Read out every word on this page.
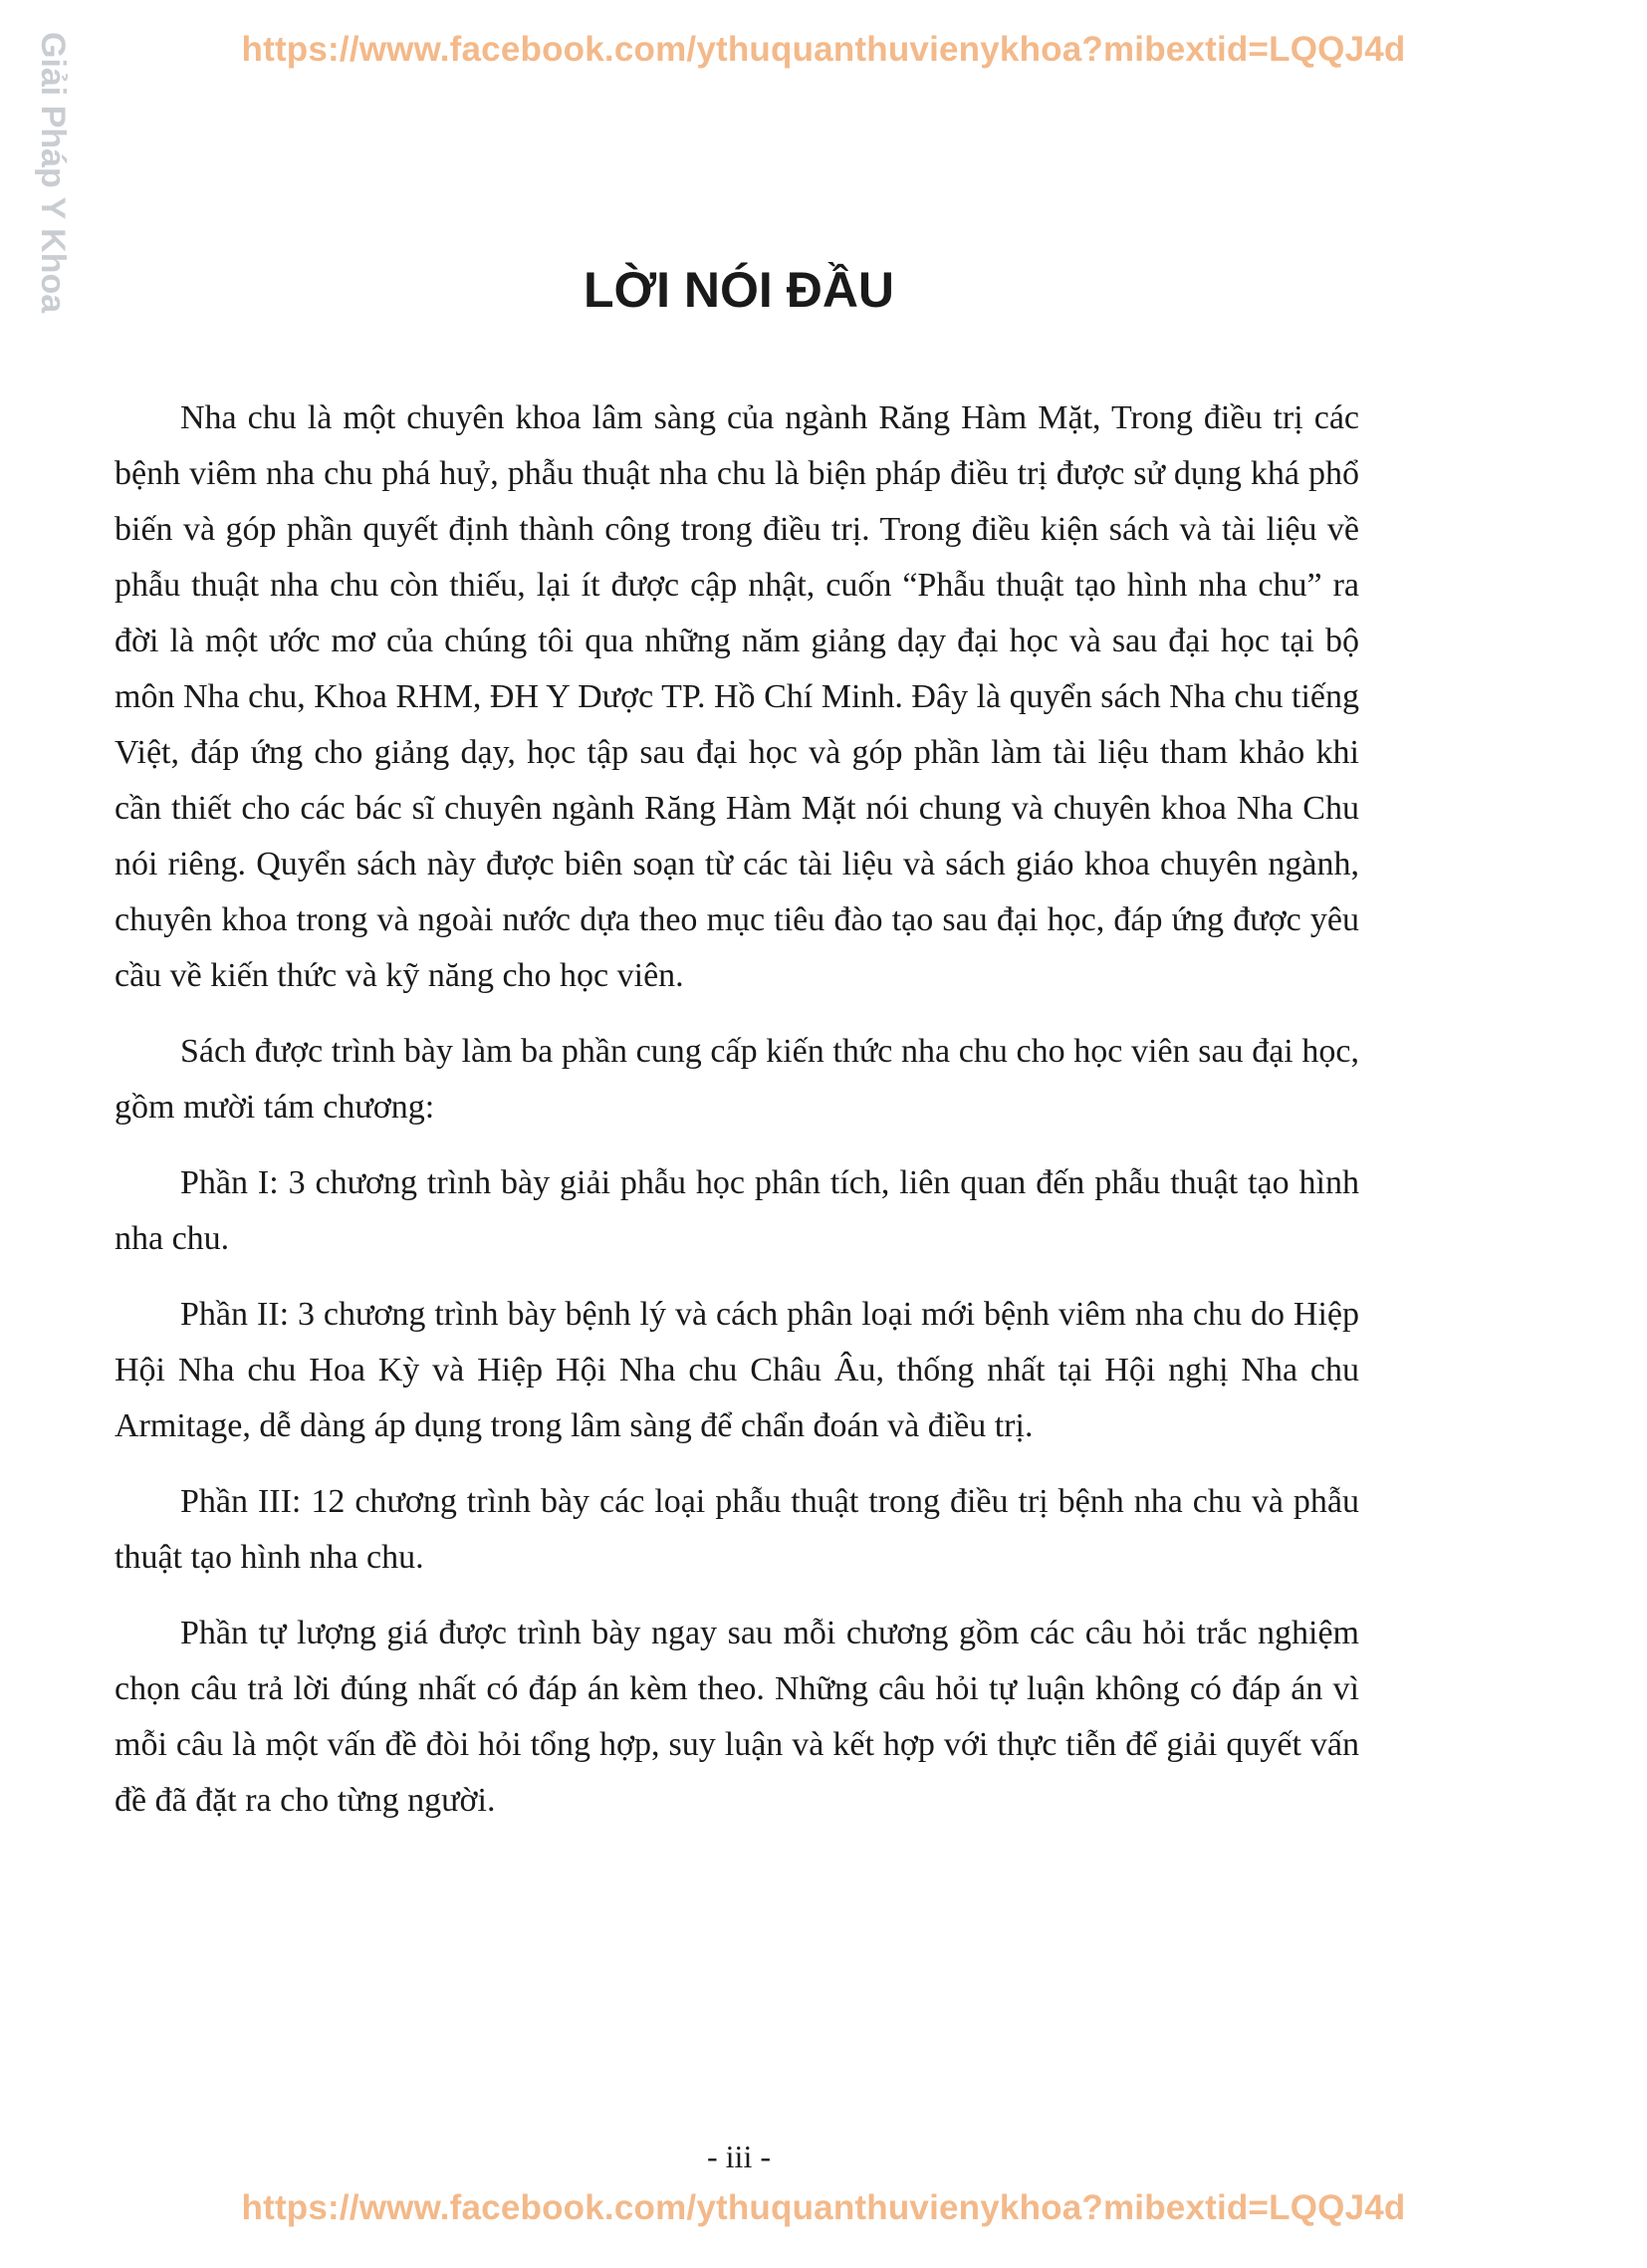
Giải Pháp Y Khoa	https://www.facebook.com/ythuquanthuvienykhoa?mibextid=LQQJ4d
LỜI NÓI ĐẦU

Nha chu là một chuyên khoa lâm sàng của ngành Răng Hàm Mặt, Trong điều trị các bệnh viêm nha chu phá huỷ, phẫu thuật nha chu là biện pháp điều trị được sử dụng khá phổ biến và góp phần quyết định thành công trong điều trị. Trong điều kiện sách và tài liệu về phẫu thuật nha chu còn thiếu, lại ít được cập nhật, cuốn “Phẫu thuật tạo hình nha chu” ra đời là một ước mơ của chúng tôi qua những năm giảng dạy đại học và sau đại học tại bộ môn Nha chu, Khoa RHM, ĐH Y Dược TP. Hồ Chí Minh. Đây là quyển sách Nha chu tiếng Việt, đáp ứng cho giảng dạy, học tập sau đại học và góp phần làm tài liệu tham khảo khi cần thiết cho các bác sĩ chuyên ngành Răng Hàm Mặt nói chung và chuyên khoa Nha Chu nói riêng. Quyển sách này được biên soạn từ các tài liệu và sách giáo khoa chuyên ngành, chuyên khoa trong và ngoài nước dựa theo mục tiêu đào tạo sau đại học, đáp ứng được yêu cầu về kiến thức và kỹ năng cho học viên.

Sách được trình bày làm ba phần cung cấp kiến thức nha chu cho học viên sau đại học, gồm mười tám chương:

Phần I: 3 chương trình bày giải phẫu học phân tích, liên quan đến phẫu thuật tạo hình nha chu.

Phần II: 3 chương trình bày bệnh lý và cách phân loại mới bệnh viêm nha chu do Hiệp Hội Nha chu Hoa Kỳ và Hiệp Hội Nha chu Châu Âu, thống nhất tại Hội nghị Nha chu Armitage, dễ dàng áp dụng trong lâm sàng để chẩn đoán và điều trị.

Phần III: 12 chương trình bày các loại phẫu thuật trong điều trị bệnh nha chu và phẫu thuật tạo hình nha chu.

Phần tự lượng giá được trình bày ngay sau mỗi chương gồm các câu hỏi trắc nghiệm chọn câu trả lời đúng nhất có đáp án kèm theo. Những câu hỏi tự luận không có đáp án vì mỗi câu là một vấn đề đòi hỏi tổng hợp, suy luận và kết hợp với thực tiễn để giải quyết vấn đề đã đặt ra cho từng người.

- iii -
https://www.facebook.com/ythuquanthuvienykhoa?mibextid=LQQJ4d
